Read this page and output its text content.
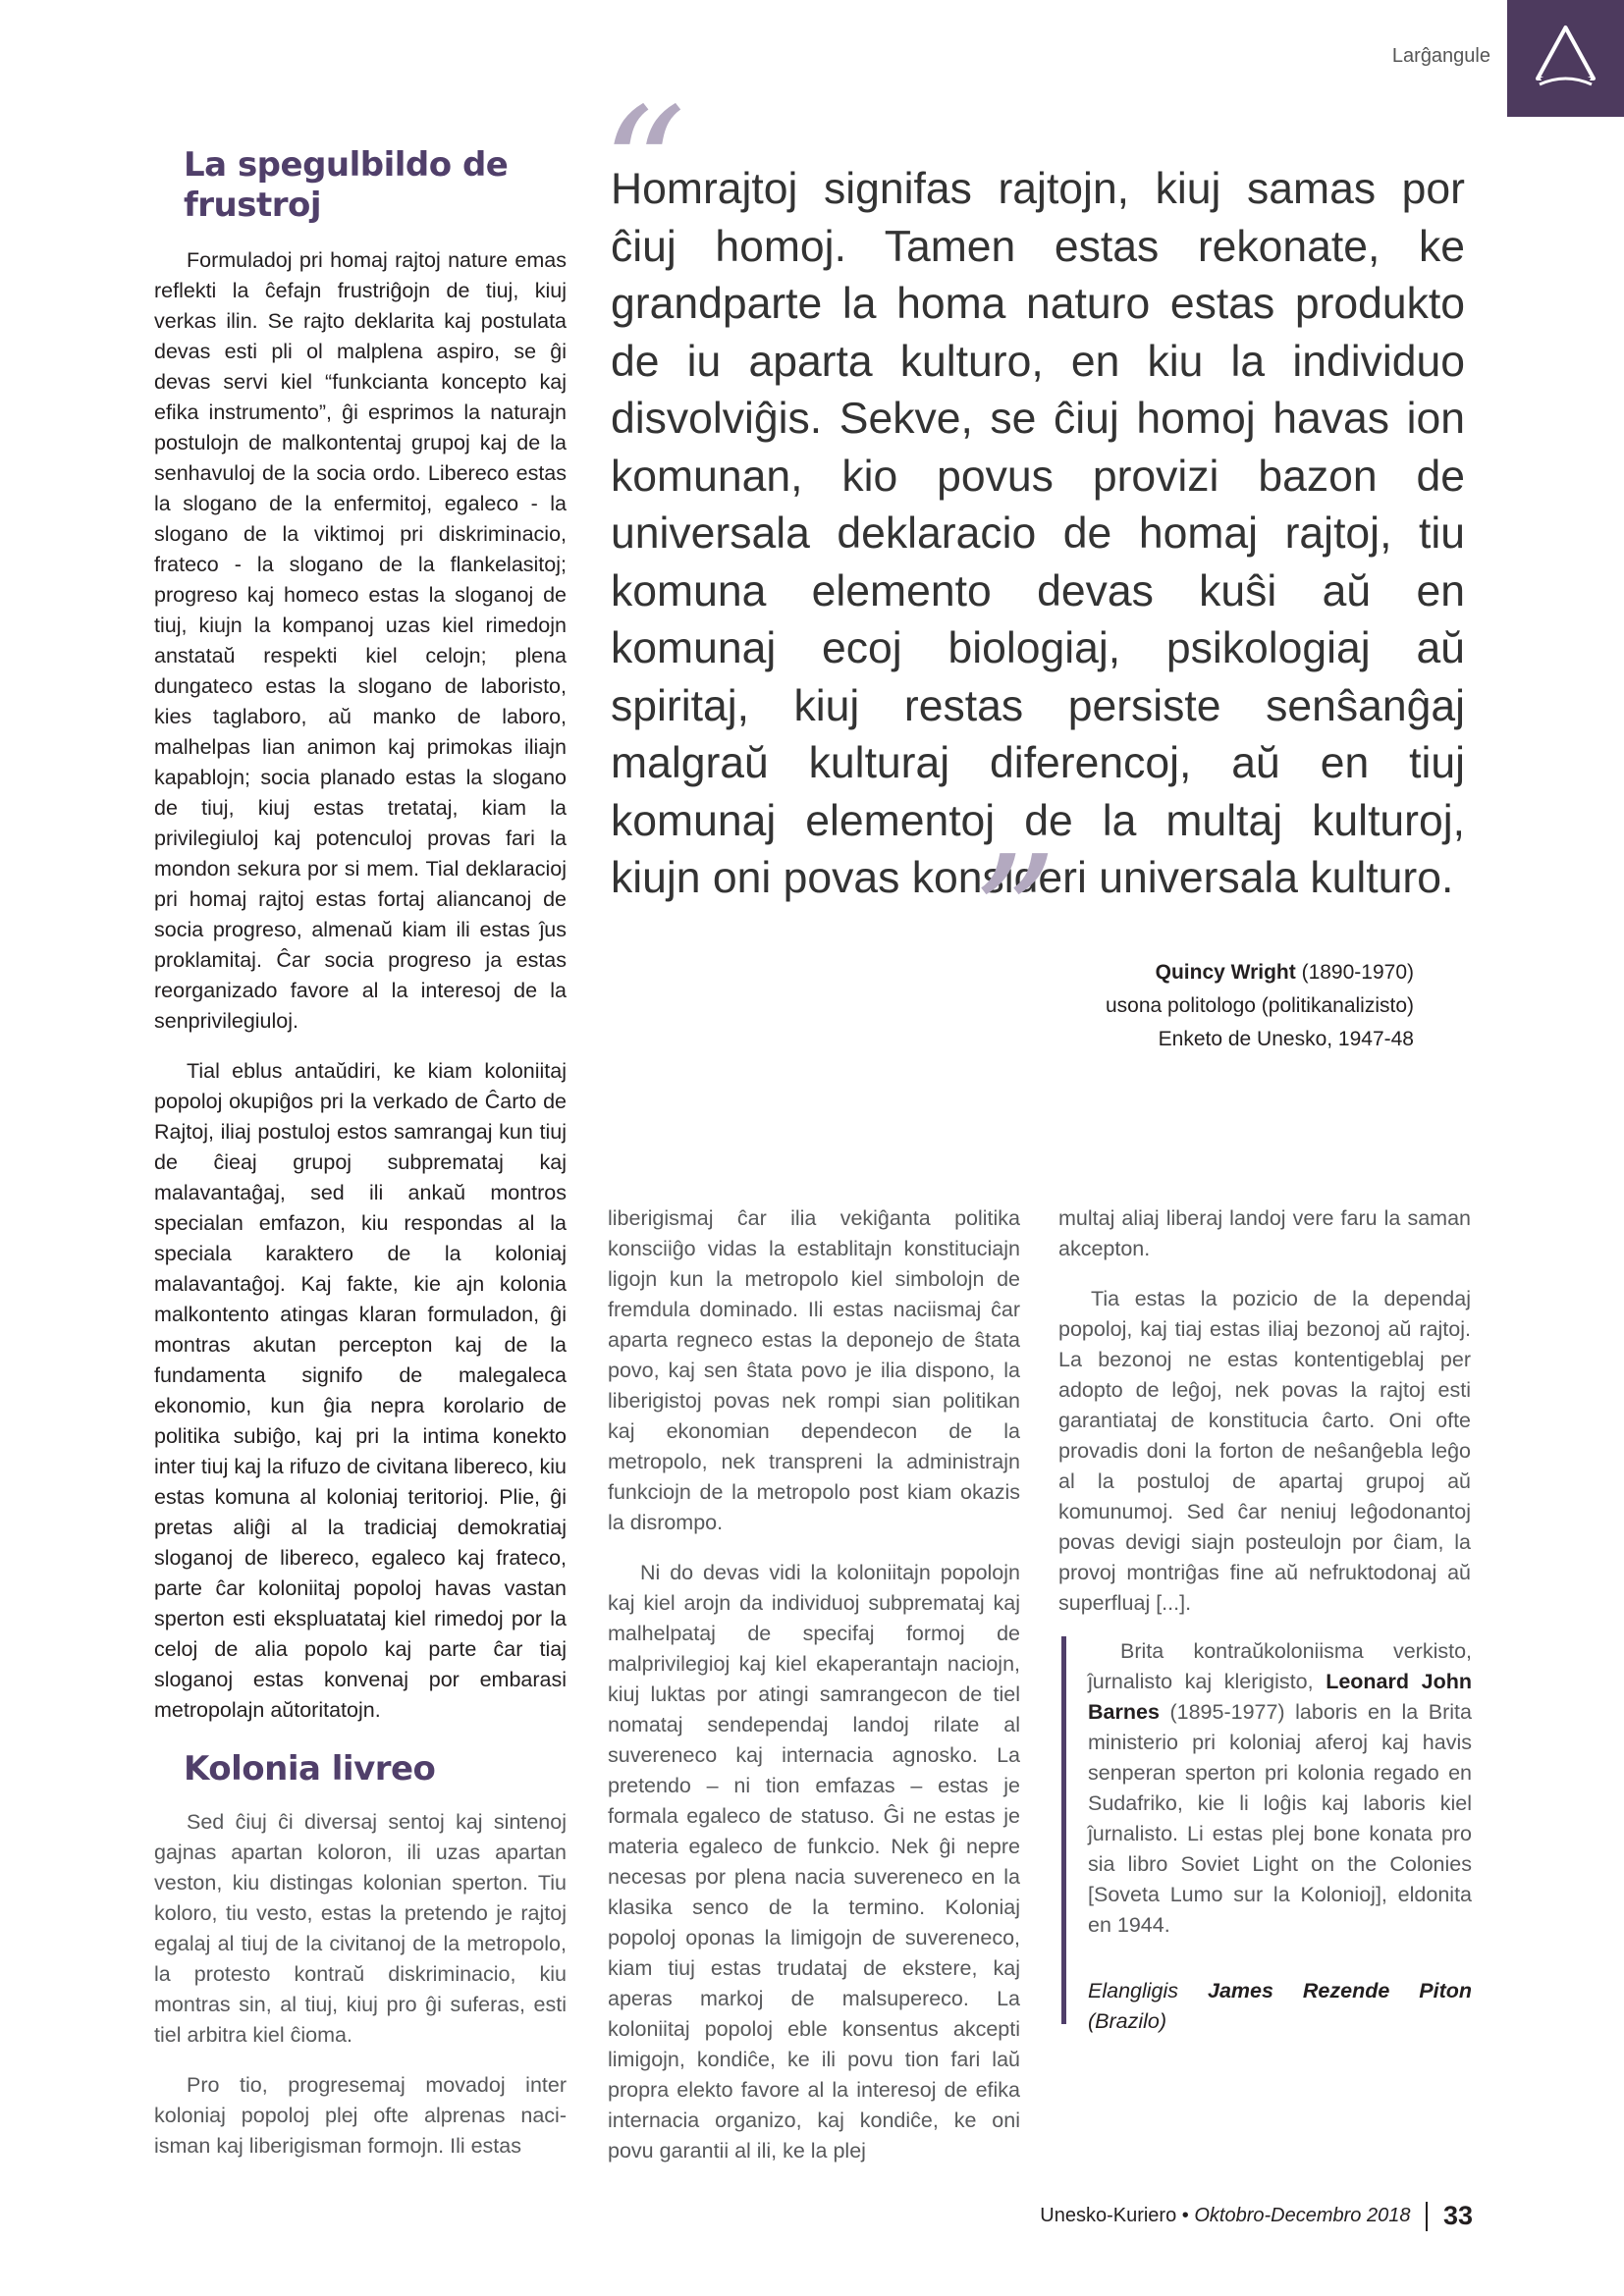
Larĝangule
La spegulbildo de frustroj

Formuladoj pri homaj rajtoj nature emas reflekti la ĉefajn frustriĝojn de tiuj, kiuj verkas ilin. Se rajto deklarita kaj postulata devas esti pli ol malplena aspiro, se ĝi devas servi kiel “funkcianta koncepto kaj efika instrumento”, ĝi esprimos la naturajn postulojn de malkontentaj grupoj kaj de la senhavuloj de la socia ordo. Libereco estas la slogano de la enfermitoj, egaleco - la slogano de la viktimoj pri diskriminacio, frateco - la slogano de la flankelasitoj; progreso kaj homeco estas la sloganoj de tiuj, kiujn la kompanoj uzas kiel rimedojn anstataŭ respekti kiel celojn; plena dungateco estas la slogano de laboristo, kies taglaboro, aŭ manko de laboro, malhelpas lian animon kaj primokas iliajn kapablojn; socia planado estas la slogano de tiuj, kiuj estas tretataj, kiam la privilegiuloj kaj potenculoj provas fari la mondon sekura por si mem. Tial deklaracioj pri homaj rajtoj estas fortaj aliancanoj de socia progreso, almenaŭ kiam ili estas ĵus proklamitaj. Ĉar socia progreso ja estas reorganizado favore al la interesoj de la senprivilegiuloj.

Tial eblus antaŭdiri, ke kiam koloniitaj popoloj okupiĝos pri la verkado de Ĉarto de Rajtoj, iliaj postuloj estos samrangaj kun tiuj de ĉieaj grupoj subpremataj kaj malavantaĝaj, sed ili ankaŭ montros specialan emfazon, kiu respondas al la speciala karaktero de la koloniaj malavantaĝoj. Kaj fakte, kie ajn kolonia malkontento atingas klaran formuladon, ĝi montras akutan percepton kaj de la fundamenta signifo de malegaleca ekonomio, kun ĝia nepra korolario de politika subiĝo, kaj pri la intima konekto inter tiuj kaj la rifuzo de civitana libereco, kiu estas komuna al koloniaj teritorioj. Plie, ĝi pretas aliĝi al la tradiciaj demokratiaj sloganoj de libereco, egaleco kaj frateco, parte ĉar koloniitaj popoloj havas vastan sperton esti ekspluatataj kiel rimedoj por la celoj de alia popolo kaj parte ĉar tiaj sloganoj estas konvenaj por embarasi metropolajn aŭtoritatojn.

Kolonia livreo

Sed ĉiuj ĉi diversaj sentoj kaj sintenoj gajnas apartan koloron, ili uzas apartan veston, kiu distingas kolonian sperton. Tiu koloro, tiu vesto, estas la pretendo je rajtoj egalaj al tiuj de la civitanoj de la metropolo, la protesto kontraŭ diskriminacio, kiu montras sin, al tiuj, kiuj pro ĝi suferas, esti tiel arbitra kiel ĉioma.

Pro tio, progresemaj movadoj inter koloniaj popoloj plej ofte alprenas naciisman kaj liberigisman formojn. Ili estas

“
Homrajtoj signifas rajtojn, kiuj samas por ĉiuj homoj. Tamen estas rekonate, ke grandparte la homa naturo estas produkto de iu aparta kulturo, en kiu la individuo disvolviĝis. Sekve, se ĉiuj homoj havas ion komunan, kio povus provizi bazon de universala deklaracio de homaj rajtoj, tiu komuna elemento devas kuŝi aŭ en komunaj ecoj biologiaj, psikologiaj aŭ spiritaj, kiuj restas persiste senŝanĝaj malgraŭ kulturaj diferencoj, aŭ en tiuj komunaj elementoj de la multaj kulturoj, kiujn oni povas konsideri universala kulturo.
”	Quincy Wright (1890-1970)
usona politologo (politikanalizisto)
Enketo de Unesko, 1947-48

liberigismaj ĉar ilia vekiĝanta politika konsciiĝo vidas la establitajn konstituciajn ligojn kun la metropolo kiel simbolojn de fremdula dominado. Ili estas naciismaj ĉar aparta regneco estas la deponejo de ŝtata povo, kaj sen ŝtata povo je ilia dispono, la liberigistoj povas nek rompi sian politikan kaj ekonomian dependecon de la metropolo, nek transpreni la administrajn funkciojn de la metropolo post kiam okazis la disrompo.

Ni do devas vidi la koloniitajn popolojn kaj kiel arojn da individuoj subpremataj kaj malhelpataj de specifaj formoj de malprivilegioj kaj kiel ekaperantajn naciojn, kiuj luktas por atingi samrangecon de tiel nomataj sendependaj landoj rilate al suvereneco kaj internacia agnosko. La pretendo – ni tion emfazas – estas je formala egaleco de statuso. Ĝi ne estas je materia egaleco de funkcio. Nek ĝi nepre necesas por plena nacia suvereneco en la klasika senco de la termino. Koloniaj popoloj oponas la limigojn de suvereneco, kiam tiuj estas trudataj de ekstere, kaj aperas markoj de malsupereco. La koloniitaj popoloj eble konsentus akcepti limigojn, kondiĉe, ke ili povu tion fari laŭ propra elekto favore al la interesoj de efika internacia organizo, kaj kondiĉe, ke oni povu garantii al ili, ke la plej

multaj aliaj liberaj landoj vere faru la saman akcepton.

Tia estas la pozicio de la dependaj popoloj, kaj tiaj estas iliaj bezonoj aŭ rajtoj. La bezonoj ne estas kontentigeblaj per adopto de leĝoj, nek povas la rajtoj esti garantiataj de konstitucia ĉarto. Oni ofte provadis doni la forton de neŝanĝebla leĝo al la postuloj de apartaj grupoj aŭ komunumoj. Sed ĉar neniuj leĝodonantoj povas devigi siajn posteulojn por ĉiam, la provoj montriĝas fine aŭ nefruktodonaj aŭ superfluaj [...].

Brita kontraŭkoloniisma verkisto, ĵurnalisto kaj klerigisto, Leonard John Barnes (1895-1977) laboris en la Brita ministerio pri koloniaj aferoj kaj havis senperan sperton pri kolonia regado en Sudafriko, kie li loĝis kaj laboris kiel ĵurnalisto. Li estas plej bone konata pro sia libro Soviet Light on the Colonies [Soveta Lumo sur la Kolonioj], eldonita en 1944.

Elangligis James Rezende Piton (Brazilo)

Unesko-Kuriero • Oktobro-Decembro 2018 33
